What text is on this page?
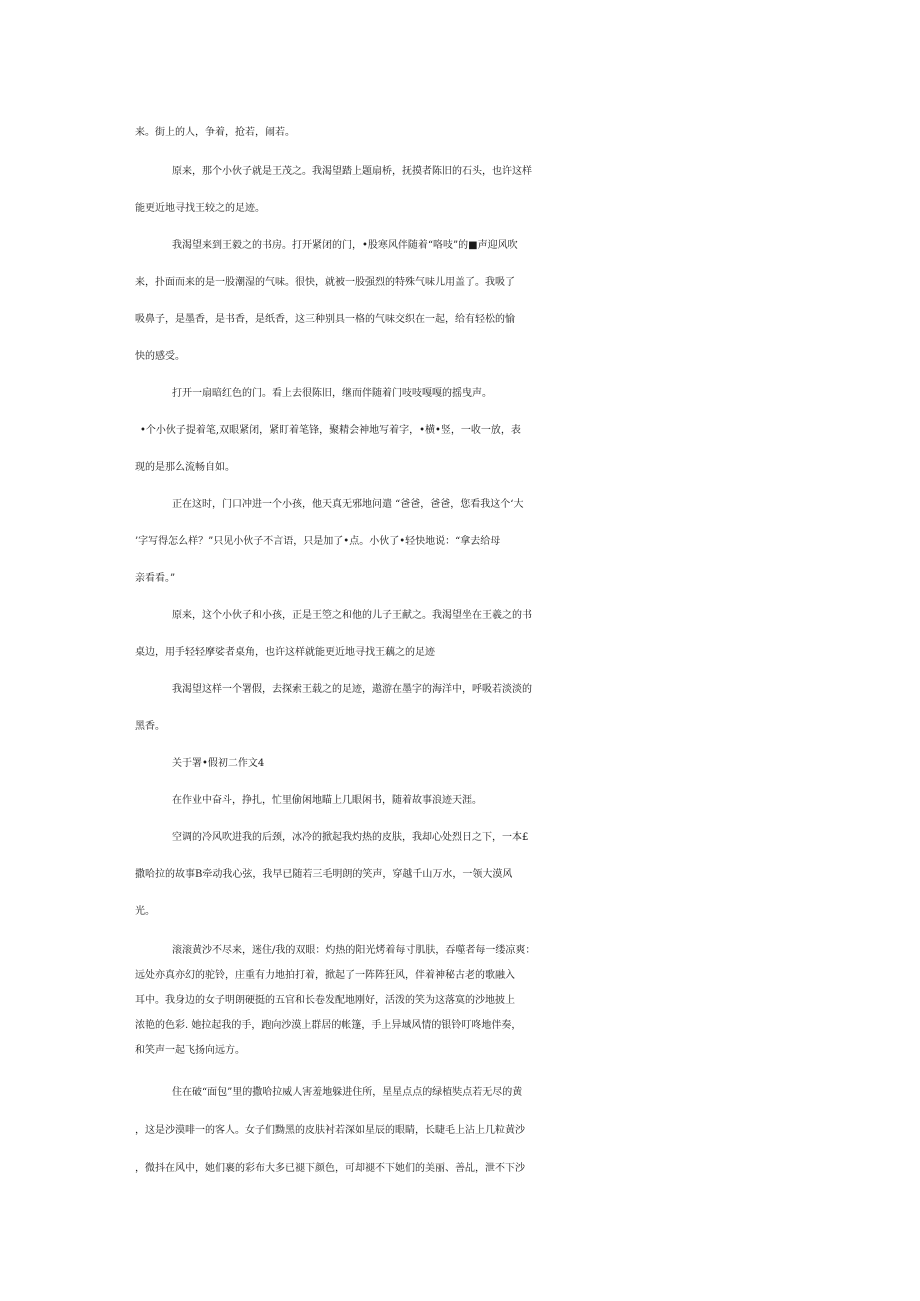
来。街上的人，争着，抢若，闹若。
原来，那个小伙子就是王茂之。我渴望踏上题扇桥，抚摸者陈旧的石头，也许这样
能更近地寻找王较之的足迹。
我渴望来到王毅之的书房。打开紧闭的门，•股寒风伴随着“咯吱”的■声迎风吹
来，扑面而来的是一股潮湿的气味。很快，就被一股强烈的特殊气味儿用盖了。我吸了
吸鼻子，是墨香，是书香，是纸香，这三种别具一格的气味交织在一起，给有轻松的愉
快的感受。
打开一扇暗红色的门。看上去很陈旧，继而伴随着门吱吱嘎嘎的摇曳声。
•个小伙子提着笔,双眼紧闭，紧盯着笔锋，聚精会神地写着字，•横•竖，一收一放，表
现的是那么流畅自如。
正在这时，门口冲进一个小孩，他天真无邪地问遣 “爸爸，爸爸，您看我这个‘大
’字写得怎么样？”只见小伙子不言语，只是加了•点。小伙了•轻快地说：“拿去给母
亲看看。”
原来，这个小伙子和小孩，正是王箜之和他的儿子王献之。我渴望坐在王羲之的书
桌边，用手轻轻摩娑者桌角，也许这样就能更近地寻找王藕之的足迹
我渴望这样一个署假，去探索王载之的足迹，遨游在墨字的海洋中，呼吸若淡淡的
黑香。
关于署•假初二作文4
在作业中奋斗，挣扎，忙里偷闲地瞄上几眼闲书，随着故事浪迹天涯。
空调的冷风吹进我的后颈，冰冷的掀起我灼热的皮肤，我却心处烈日之下，一本£
撒哈拉的故事B牵动我心弦，我早已随若三毛明朗的笑声，穿越千山万水，一领大漠风
光。
滚滚黄沙不尽来，迷住/我的双眼：灼热的阳光烤着每寸肌肤，吞噬者每一缕凉爽：
远处亦真亦幻的驼铃，庄重有力地拍打着，掀起了一阵阵狂风，伴着神秘古老的歌融入
耳中。我身边的女子明朗硬挺的五官和长卷发配地刚好，活泼的笑为这落寞的沙地披上
浓艳的色彩. 她拉起我的手，跑向沙漠上群居的帐篷，手上异域风情的银铃叮咚地伴奏，
和笑声一起飞扬向远方。
住在破“面包”里的撒哈拉威人害羞地躲进住所，星星点点的绿植奘点若无尽的黄
，这是沙漠啡一的客人。女子们黝黑的皮肤衬若深如星辰的眼睛，长睫毛上沾上几粒黄沙
，微抖在风中，她们裹的彩布大多已褪下颜色，可却褪不下她们的美丽、善乩，泄不下沙
